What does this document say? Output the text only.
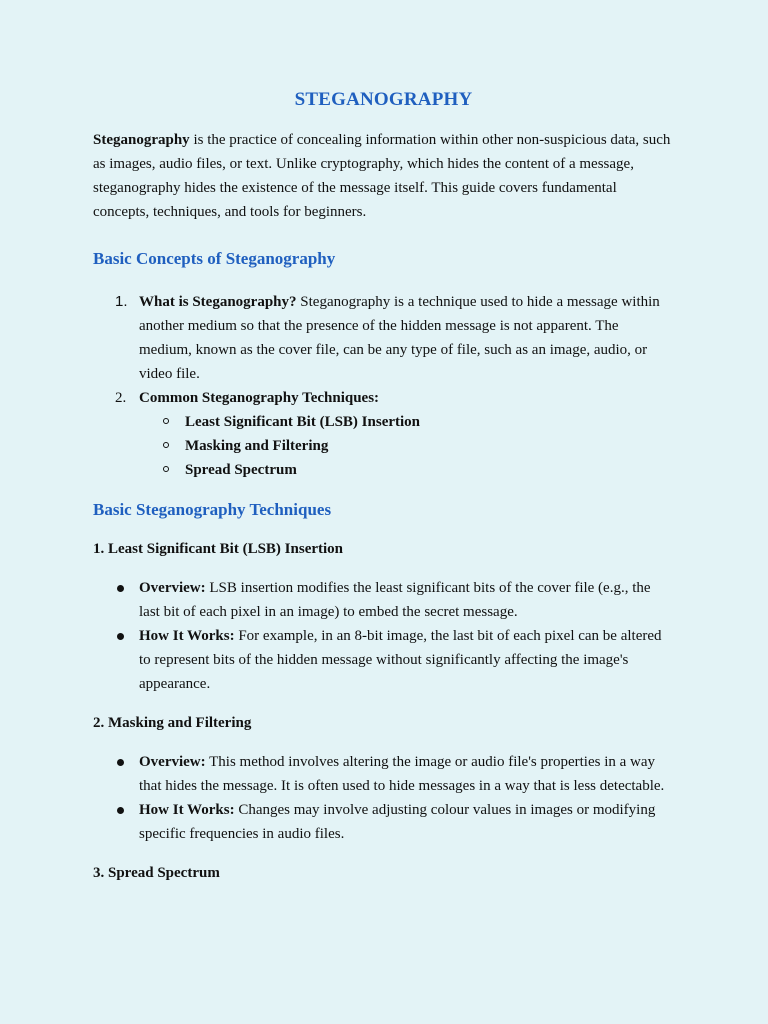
STEGANOGRAPHY

Steganography is the practice of concealing information within other non-suspicious data, such as images, audio files, or text. Unlike cryptography, which hides the content of a message, steganography hides the existence of the message itself. This guide covers fundamental concepts, techniques, and tools for beginners.

Basic Concepts of Steganography
1. What is Steganography? Steganography is a technique used to hide a message within another medium so that the presence of the hidden message is not apparent. The medium, known as the cover file, can be any type of file, such as an image, audio, or video file.
2. Common Steganography Techniques:
Least Significant Bit (LSB) Insertion
Masking and Filtering
Spread Spectrum
Basic Steganography Techniques
1. Least Significant Bit (LSB) Insertion
Overview: LSB insertion modifies the least significant bits of the cover file (e.g., the last bit of each pixel in an image) to embed the secret message.
How It Works: For example, in an 8-bit image, the last bit of each pixel can be altered to represent bits of the hidden message without significantly affecting the image's appearance.
2. Masking and Filtering
Overview: This method involves altering the image or audio file's properties in a way that hides the message. It is often used to hide messages in a way that is less detectable.
How It Works: Changes may involve adjusting colour values in images or modifying specific frequencies in audio files.
3. Spread Spectrum
